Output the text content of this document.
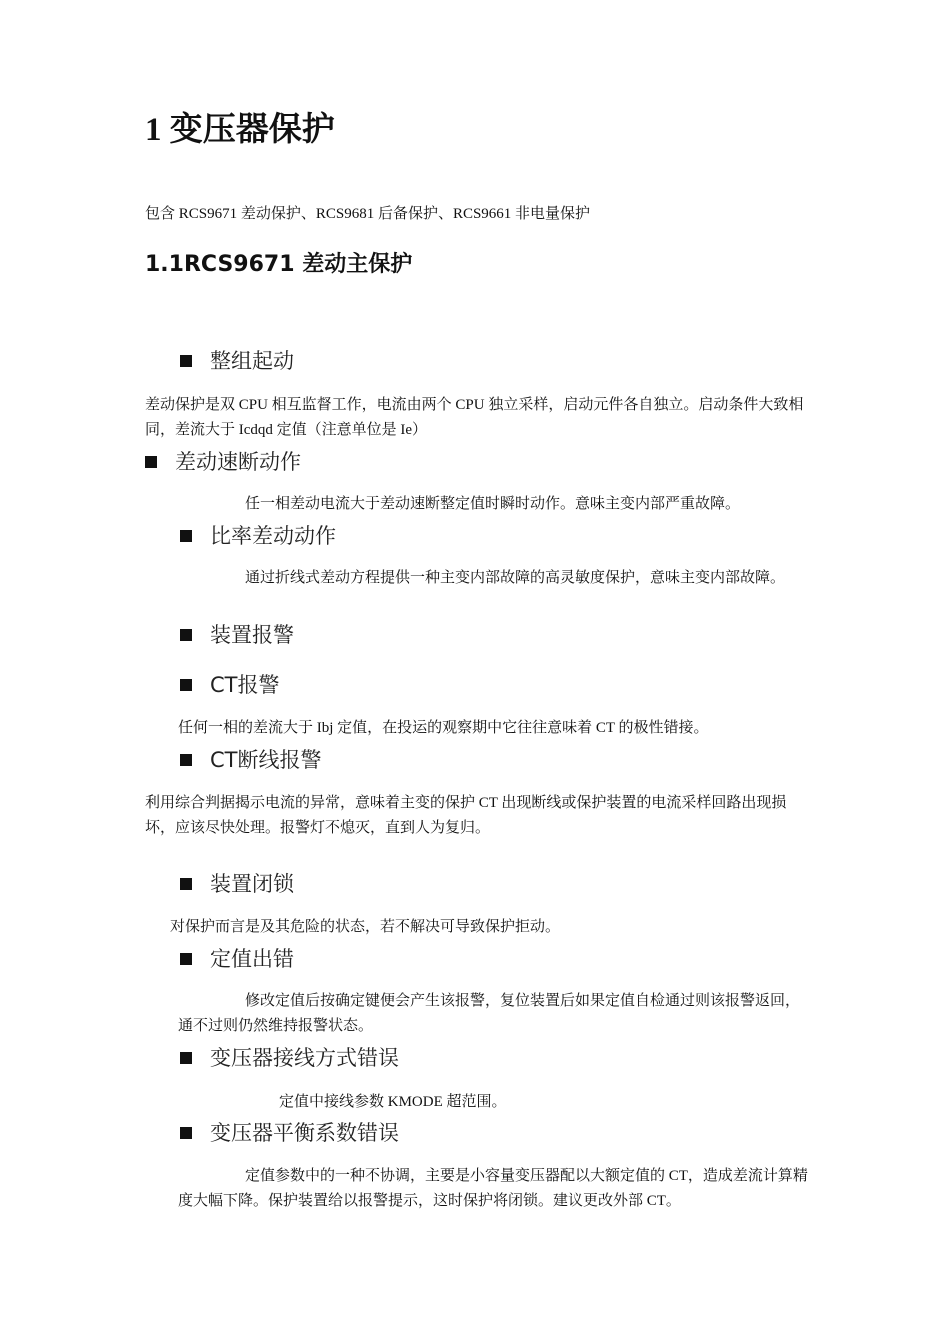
1 变压器保护

包含 RCS9671 差动保护、RCS9681 后备保护、RCS9661 非电量保护

1.1RCS9671 差动主保护
整组起动

差动保护是双 CPU 相互监督工作，电流由两个 CPU 独立采样，启动元件各自独立。启动条件大致相同，差流大于 Icdqd 定值（注意单位是 Ie）

差动速断动作

任一相差动电流大于差动速断整定值时瞬时动作。意味主变内部严重故障。

比率差动动作

通过折线式差动方程提供一种主变内部故障的高灵敏度保护，意味主变内部故障。

装置报警
CT报警

任何一相的差流大于 Ibj 定值，在投运的观察期中它往往意味着 CT 的极性错接。

CT断线报警

利用综合判据揭示电流的异常，意味着主变的保护 CT 出现断线或保护装置的电流采样回路出现损坏，应该尽快处理。报警灯不熄灭，直到人为复归。

装置闭锁

对保护而言是及其危险的状态，若不解决可导致保护拒动。

定值出错

修改定值后按确定键便会产生该报警，复位装置后如果定值自检通过则该报警返回，通不过则仍然维持报警状态。

变压器接线方式错误

定值中接线参数 KMODE 超范围。

变压器平衡系数错误

定值参数中的一种不协调，主要是小容量变压器配以大额定值的 CT，造成差流计算精度大幅下降。保护装置给以报警提示，这时保护将闭锁。建议更改外部 CT。
